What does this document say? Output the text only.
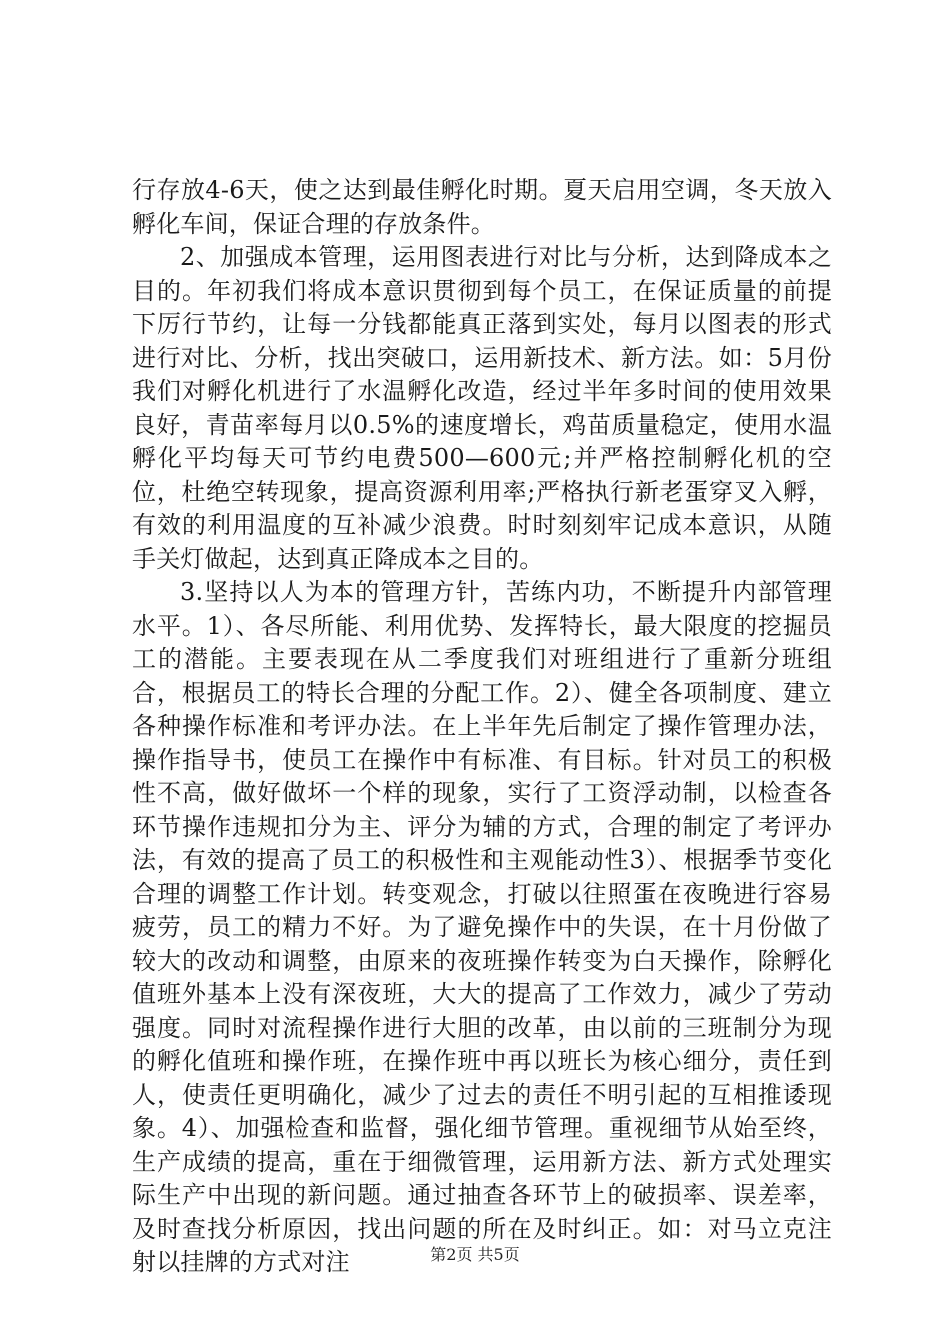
行存放4-6天，使之达到最佳孵化时期。夏天启用空调，冬天放入孵化车间，保证合理的存放条件。

2、加强成本管理，运用图表进行对比与分析，达到降成本之目的。年初我们将成本意识贯彻到每个员工，在保证质量的前提下厉行节约，让每一分钱都能真正落到实处，每月以图表的形式进行对比、分析，找出突破口，运用新技术、新方法。如：5月份我们对孵化机进行了水温孵化改造，经过半年多时间的使用效果良好，青苗率每月以0.5%的速度增长，鸡苗质量稳定，使用水温孵化平均每天可节约电费500—600元;并严格控制孵化机的空位，杜绝空转现象，提高资源利用率;严格执行新老蛋穿叉入孵，有效的利用温度的互补减少浪费。时时刻刻牢记成本意识，从随手关灯做起，达到真正降成本之目的。

3.坚持以人为本的管理方针，苦练内功，不断提升内部管理水平。1）、各尽所能、利用优势、发挥特长，最大限度的挖掘员工的潜能。主要表现在从二季度我们对班组进行了重新分班组合，根据员工的特长合理的分配工作。2）、健全各项制度、建立各种操作标准和考评办法。在上半年先后制定了操作管理办法，操作指导书，使员工在操作中有标准、有目标。针对员工的积极性不高，做好做坏一个样的现象，实行了工资浮动制，以检查各环节操作违规扣分为主、评分为辅的方式，合理的制定了考评办法，有效的提高了员工的积极性和主观能动性3）、根据季节变化合理的调整工作计划。转变观念，打破以往照蛋在夜晚进行容易疲劳，员工的精力不好。为了避免操作中的失误，在十月份做了较大的改动和调整，由原来的夜班操作转变为白天操作，除孵化值班外基本上没有深夜班，大大的提高了工作效力，减少了劳动强度。同时对流程操作进行大胆的改革，由以前的三班制分为现的孵化值班和操作班，在操作班中再以班长为核心细分，责任到人，使责任更明确化，减少了过去的责任不明引起的互相推诿现象。4）、加强检查和监督，强化细节管理。重视细节从始至终，生产成绩的提高，重在于细微管理，运用新方法、新方式处理实际生产中出现的新问题。通过抽查各环节上的破损率、误差率，及时查找分析原因，找出问题的所在及时纠正。如：对马立克注射以挂牌的方式对注	第2页 共5页
